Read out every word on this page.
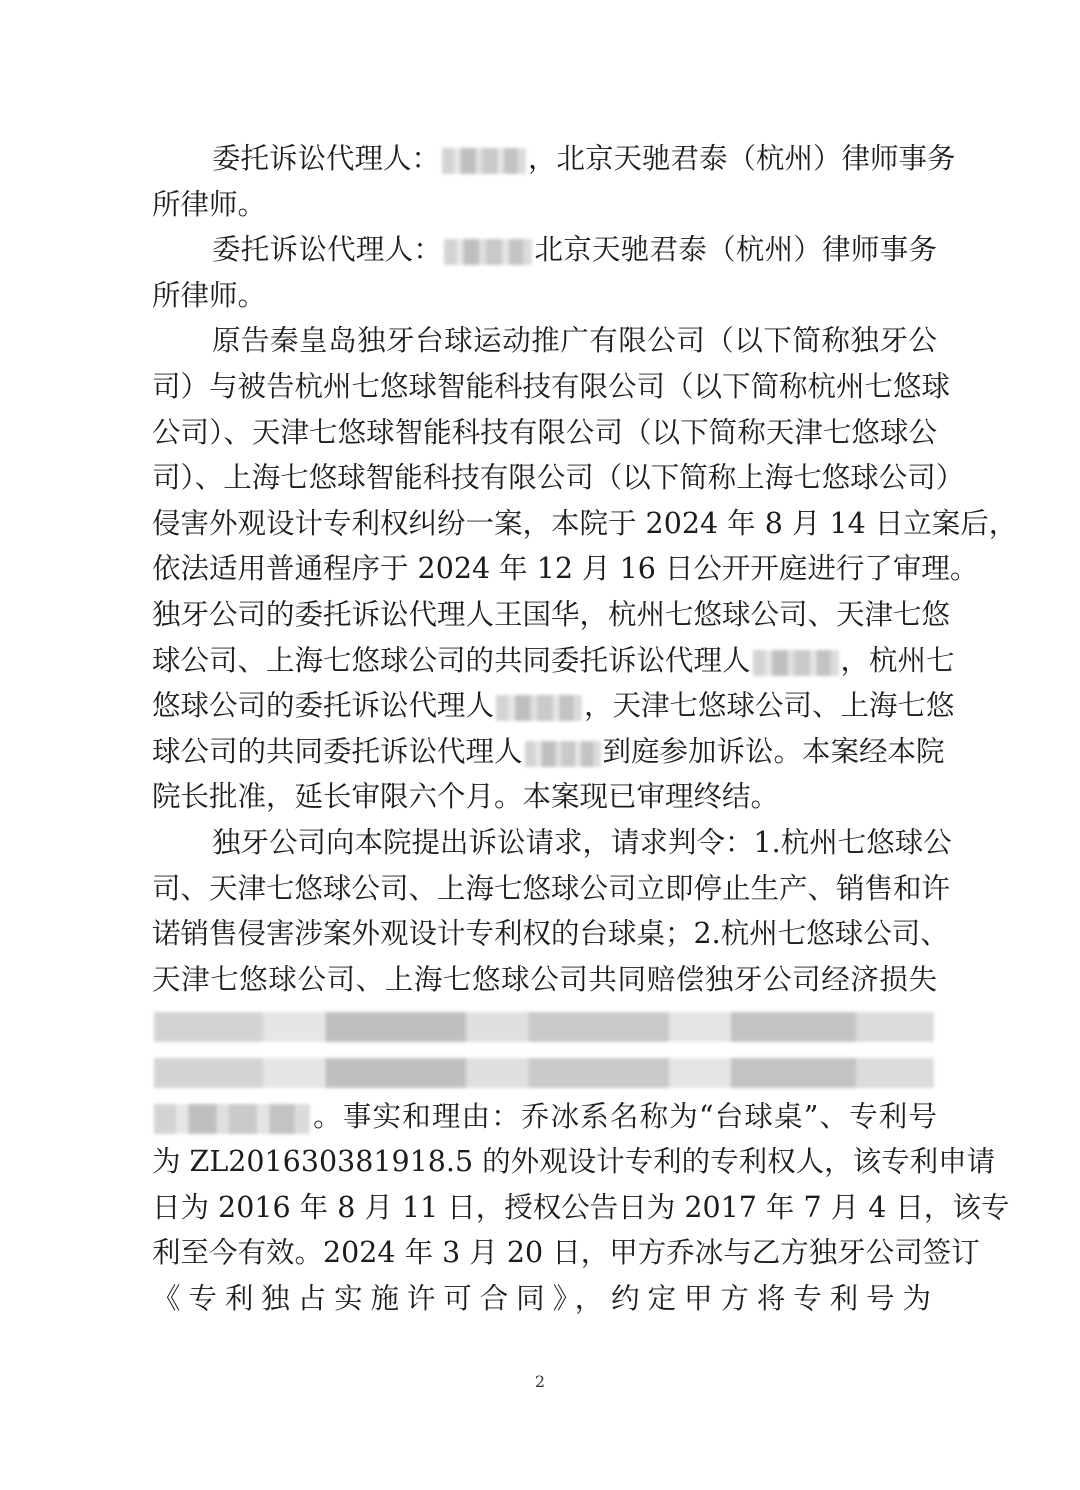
委托诉讼代理人：	，北京天驰君泰（杭州）律师事务
所律师。
委托诉讼代理人：	北京天驰君泰（杭州）律师事务
所律师。
原告秦皇岛独牙台球运动推广有限公司（以下简称独牙公
司）与被告杭州七悠球智能科技有限公司（以下简称杭州七悠球
公司）、天津七悠球智能科技有限公司（以下简称天津七悠球公
司）、上海七悠球智能科技有限公司（以下简称上海七悠球公司）
侵害外观设计专利权纠纷一案，本院于 2024 年 8 月 14 日立案后，
依法适用普通程序于 2024 年 12 月 16 日公开开庭进行了审理。
独牙公司的委托诉讼代理人王国华，杭州七悠球公司、天津七悠
球公司、上海七悠球公司的共同委托诉讼代理人	，杭州七
悠球公司的委托诉讼代理人	，天津七悠球公司、上海七悠
球公司的共同委托诉讼代理人	到庭参加诉讼。本案经本院
院长批准，延长审限六个月。本案现已审理终结。
独牙公司向本院提出诉讼请求，请求判令：1.杭州七悠球公
司、天津七悠球公司、上海七悠球公司立即停止生产、销售和许
诺销售侵害涉案外观设计专利权的台球桌；2.杭州七悠球公司、
天津七悠球公司、上海七悠球公司共同赔偿独牙公司经济损失
。事实和理由：乔冰系名称为“台球桌”、专利号
为 ZL201630381918.5 的外观设计专利的专利权人，该专利申请
日为 2016 年 8 月 11 日，授权公告日为 2017 年 7 月 4 日，该专
利至今有效。2024 年 3 月 20 日，甲方乔冰与乙方独牙公司签订
《专利独占实施许可合同》，约定甲方将专利号为
2
